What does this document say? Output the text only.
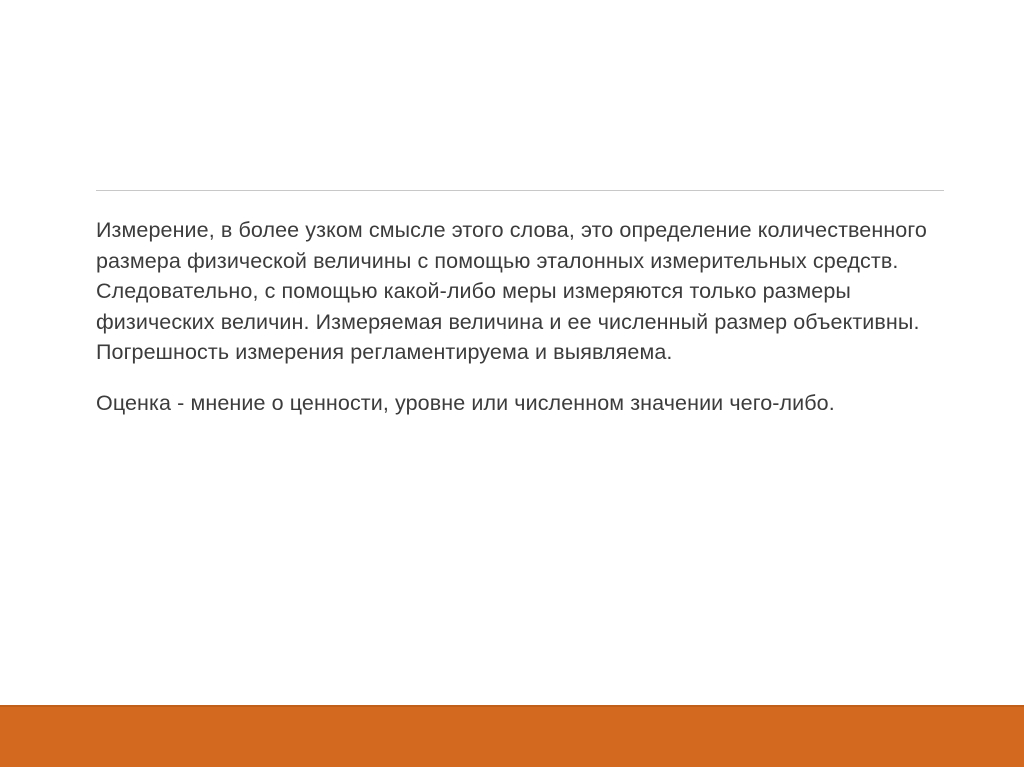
Измерение, в более узком смысле этого слова, это определение количественного размера физической величины с помощью эталонных измерительных средств. Следовательно, с помощью какой-либо меры измеряются только размеры физических величин. Измеряемая величина и ее численный размер объективны. Погрешность измерения регламентируема и выявляема.

Оценка - мнение о ценности, уровне или численном значении чего-либо.
